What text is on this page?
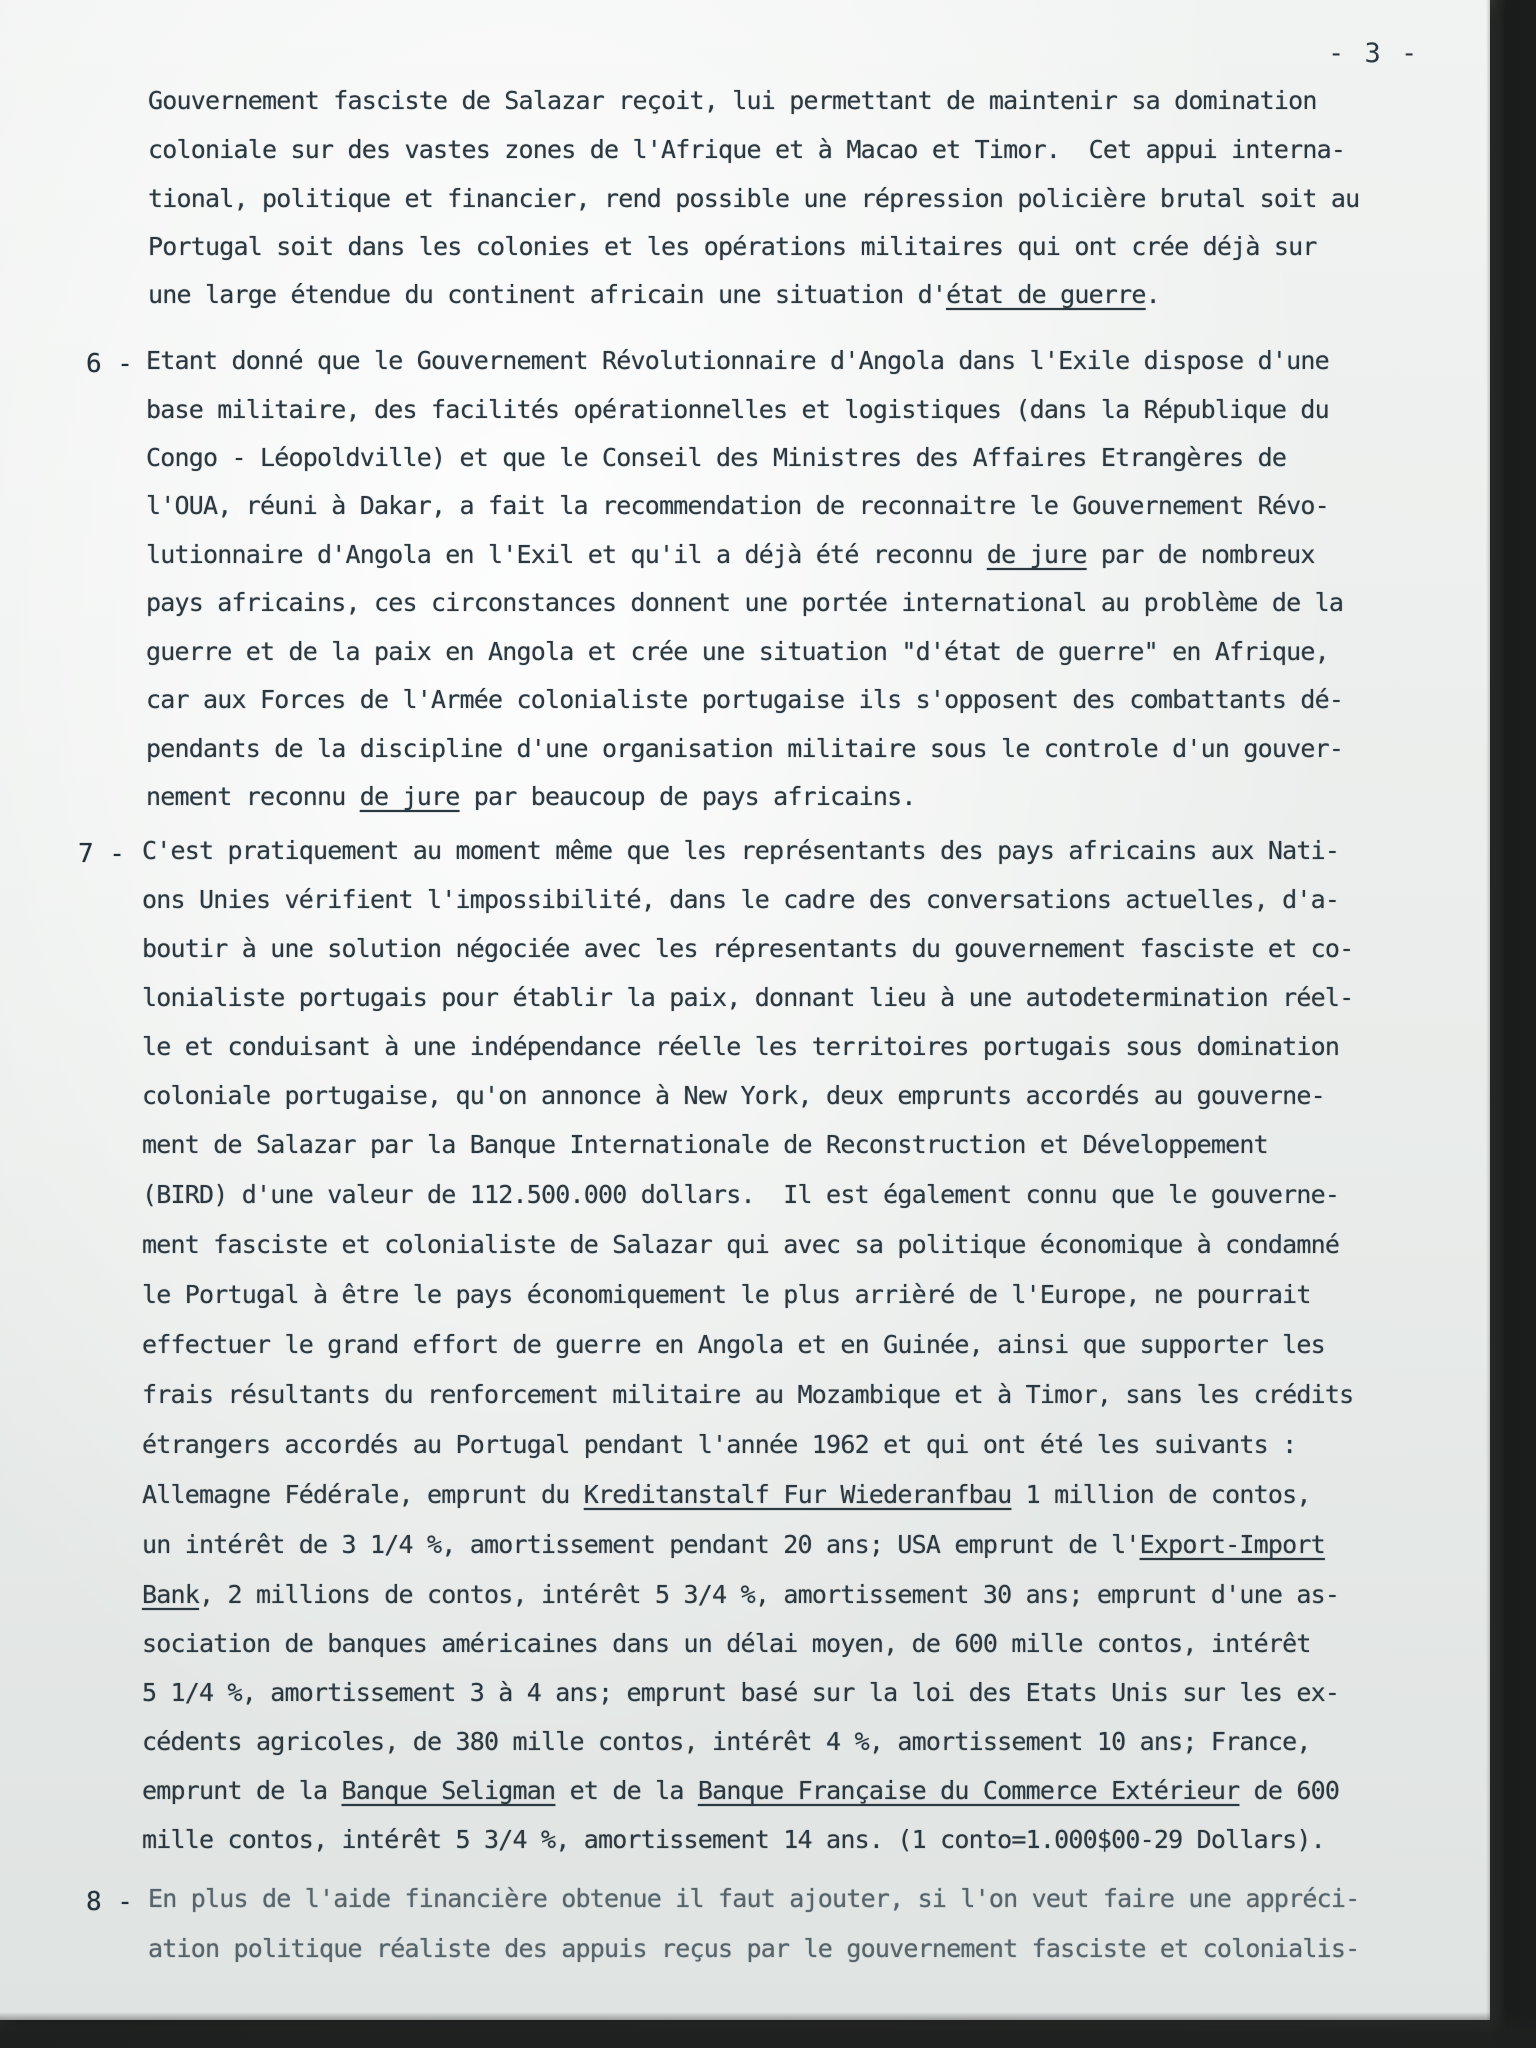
- 3 -
Gouvernement fasciste de Salazar reçoit, lui permettant de maintenir sa domination
coloniale sur des vastes zones de l'Afrique et à Macao et Timor.  Cet appui interna-
tional, politique et financier, rend possible une répression policière brutal soit au
Portugal soit dans les colonies et les opérations militaires qui ont crée déjà sur
une large étendue du continent africain une situation d'état de guerre.
6 - Etant donné que le Gouvernement Révolutionnaire d'Angola dans l'Exile dispose d'une
base militaire, des facilités opérationnelles et logistiques (dans la République du
Congo - Léopoldville) et que le Conseil des Ministres des Affaires Etrangères de
l'OUA, réuni à Dakar, a fait la recommendation de reconnaitre le Gouvernement Révo-
lutionnaire d'Angola en l'Exil et qu'il a déjà été reconnu de jure par de nombreux
pays africains, ces circonstances donnent une portée international au problème de la
guerre et de la paix en Angola et crée une situation "d'état de guerre" en Afrique,
car aux Forces de l'Armée colonialiste portugaise ils s'opposent des combattants dé-
pendants de la discipline d'une organisation militaire sous le controle d'un gouver-
nement reconnu de jure par beaucoup de pays africains.
7 - C'est pratiquement au moment même que les représentants des pays africains aux Nati-
ons Unies vérifient l'impossibilité, dans le cadre des conversations actuelles, d'a-
boutir à une solution négociée avec les répresentants du gouvernement fasciste et co-
lonialiste portugais pour établir la paix, donnant lieu à une autodetermination réel-
le et conduisant à une indépendance réelle les territoires portugais sous domination
coloniale portugaise, qu'on annonce à New York, deux emprunts accordés au gouverne-
ment de Salazar par la Banque Internationale de Reconstruction et Développement
(BIRD) d'une valeur de 112.500.000 dollars.  Il est également connu que le gouverne-
ment fasciste et colonialiste de Salazar qui avec sa politique économique à condamné
le Portugal à être le pays économiquement le plus arrièré de l'Europe, ne pourrait
effectuer le grand effort de guerre en Angola et en Guinée, ainsi que supporter les
frais résultants du renforcement militaire au Mozambique et à Timor, sans les crédits
étrangers accordés au Portugal pendant l'année 1962 et qui ont été les suivants :
Allemagne Fédérale, emprunt du Kreditanstalf Fur Wiederanfbau 1 million de contos,
un intérêt de 3 1/4 %, amortissement pendant 20 ans; USA emprunt de l'Export-Import
Bank, 2 millions de contos, intérêt 5 3/4 %, amortissement 30 ans; emprunt d'une as-
sociation de banques américaines dans un délai moyen, de 600 mille contos, intérêt
5 1/4 %, amortissement 3 à 4 ans; emprunt basé sur la loi des Etats Unis sur les ex-
cédents agricoles, de 380 mille contos, intérêt 4 %, amortissement 10 ans; France,
emprunt de la Banque Seligman et de la Banque Française du Commerce Extérieur de 600
mille contos, intérêt 5 3/4 %, amortissement 14 ans. (1 conto=1.000$00-29 Dollars).
8 - En plus de l'aide financière obtenue il faut ajouter, si l'on veut faire une appréci-
ation politique réaliste des appuis reçus par le gouvernement fasciste et colonialis-
